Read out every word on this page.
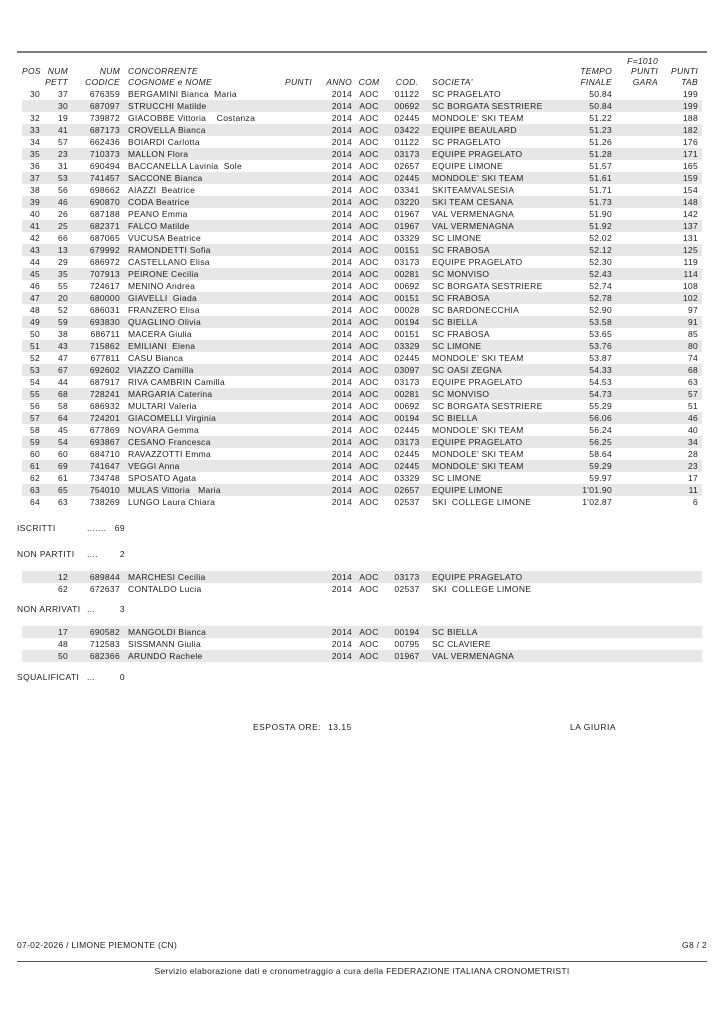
										F=1010	
POS	NUM	NUM	CONCORRENTE						TEMPO	PUNTI	PUNTI
	PETT	CODICE	COGNOME e NOME	PUNTI	ANNO	COM	COD.	SOCIETA'	FINALE	GARA	TAB
30	37	676359	BERGAMINI Bianca  Maria		2014	AOC	01122	SC PRAGELATO	50.84		199
	30	687097	STRUCCHI Matilde		2014	AOC	00692	SC BORGATA SESTRIERE	50.84		199
32	19	739872	GIACOBBE Vittoria    Costanza		2014	AOC	02445	MONDOLE' SKI TEAM	51.22		188
33	41	687173	CROVELLA Bianca		2014	AOC	03422	EQUIPE BEAULARD	51.23		182
34	57	662436	BOIARDI Carlotta		2014	AOC	01122	SC PRAGELATO	51.26		176
35	23	710373	MALLON Flora		2014	AOC	03173	EQUIPE PRAGELATO	51.28		171
36	31	690494	BACCANELLA Lavinia  Sole		2014	AOC	02657	EQUIPE LIMONE	51.57		165
37	53	741457	SACCONE Bianca		2014	AOC	02445	MONDOLE' SKI TEAM	51.61		159
38	56	698662	AIAZZI  Beatrice		2014	AOC	03341	SKITEAMVALSESIA	51.71		154
39	46	690870	CODA Beatrice		2014	AOC	03220	SKI TEAM CESANA	51.73		148
40	26	687188	PEANO Emma		2014	AOC	01967	VAL VERMENAGNA	51.90		142
41	25	682371	FALCO Matilde		2014	AOC	01967	VAL VERMENAGNA	51.92		137
42	66	687065	VUCUSA Beatrice		2014	AOC	03329	SC LIMONE	52.02		131
43	13	679992	RAMONDETTI Sofia		2014	AOC	00151	SC FRABOSA	52.12		125
44	29	686972	CASTELLANO Elisa		2014	AOC	03173	EQUIPE PRAGELATO	52.30		119
45	35	707913	PEIRONE Cecilia		2014	AOC	00281	SC MONVISO	52.43		114
46	55	724617	MENINO Andrea		2014	AOC	00692	SC BORGATA SESTRIERE	52.74		108
47	20	680000	GIAVELLI  Giada		2014	AOC	00151	SC FRABOSA	52.78		102
48	52	686031	FRANZERO Elisa		2014	AOC	00028	SC BARDONECCHIA	52.90		97
49	59	693830	QUAGLINO Olivia		2014	AOC	00194	SC BIELLA	53.58		91
50	38	686711	MACERA Giulia		2014	AOC	00151	SC FRABOSA	53.65		85
51	43	715862	EMILIANI  Elena		2014	AOC	03329	SC LIMONE	53.76		80
52	47	677811	CASU Bianca		2014	AOC	02445	MONDOLE' SKI TEAM	53.87		74
53	67	692602	VIAZZO Camilla		2014	AOC	03097	SC OASI ZEGNA	54.33		68
54	44	687917	RIVA CAMBRIN Camilla		2014	AOC	03173	EQUIPE PRAGELATO	54.53		63
55	68	728241	MARGARIA Caterina		2014	AOC	00281	SC MONVISO	54.73		57
56	58	686932	MULTARI Valeria		2014	AOC	00692	SC BORGATA SESTRIERE	55.29		51
57	64	724201	GIACOMELLI Virginia		2014	AOC	00194	SC BIELLA	56.06		46
58	45	677869	NOVARA Gemma		2014	AOC	02445	MONDOLE' SKI TEAM	56.24		40
59	54	693867	CESANO Francesca		2014	AOC	03173	EQUIPE PRAGELATO	56.25		34
60	60	684710	RAVAZZOTTI Emma		2014	AOC	02445	MONDOLE' SKI TEAM	58.64		28
61	69	741647	VEGGI Anna		2014	AOC	02445	MONDOLE' SKI TEAM	59.29		23
62	61	734748	SPOSATO Agata		2014	AOC	03329	SC LIMONE	59.97		17
63	65	754010	MULAS Vittoria   Maria		2014	AOC	02657	EQUIPE LIMONE	1'01.90		11
64	63	738269	LUNGO Laura Chiara		2014	AOC	02537	SKI  COLLEGE LIMONE	1'02.87		6
ISCRITTI	....... 69
NON PARTITI	....	2
	12	689844	MARCHESI Cecilia		2014	AOC	03173	EQUIPE PRAGELATO			
	62	672637	CONTALDO Lucia		2014	AOC	02537	SKI  COLLEGE LIMONE			
NON ARRIVATI ...	3
	17	690582	MANGOLDI Bianca		2014	AOC	00194	SC BIELLA			
	48	712583	SISSMANN Giulia		2014	AOC	00795	SC CLAVIERE			
	50	682366	ARUNDO Rachele		2014	AOC	01967	VAL VERMENAGNA			
SQUALIFICATI ...	0
ESPOSTA ORE: 13.15	LA GIURIA
07-02-2026 / LIMONE PIEMONTE (CN)	G8 / 2
Servizio elaborazione dati e cronometraggio a cura della FEDERAZIONE ITALIANA CRONOMETRISTI
